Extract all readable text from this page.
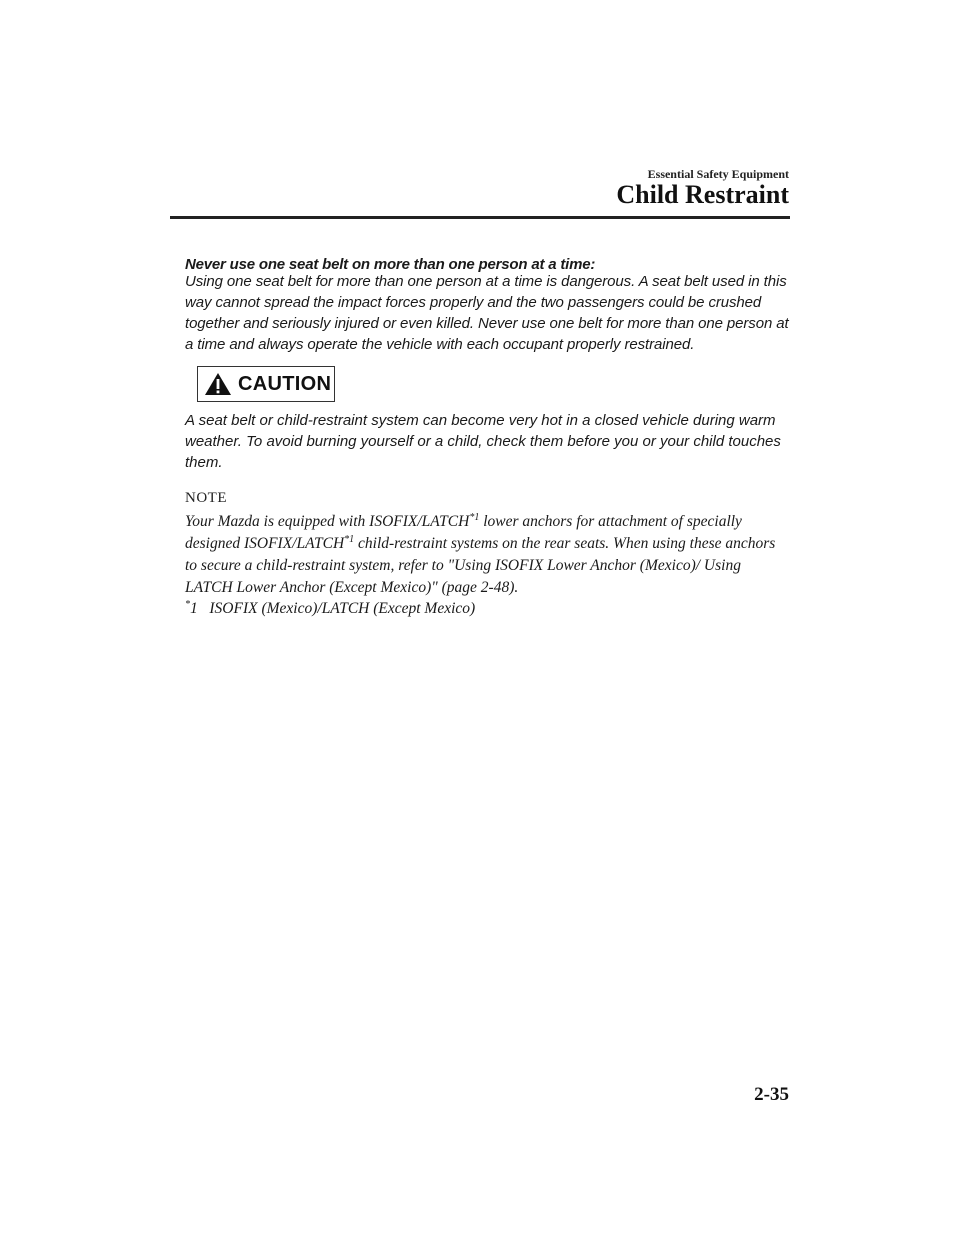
Essential Safety Equipment
Child Restraint

Never use one seat belt on more than one person at a time:

Using one seat belt for more than one person at a time is dangerous. A seat belt used in this way cannot spread the impact forces properly and the two passengers could be crushed together and seriously injured or even killed. Never use one belt for more than one person at a time and always operate the vehicle with each occupant properly restrained.

CAUTION

A seat belt or child-restraint system can become very hot in a closed vehicle during warm weather. To avoid burning yourself or a child, check them before you or your child touches them.

NOTE

Your Mazda is equipped with ISOFIX/LATCH$^{*1}$ lower anchors for attachment of specially designed ISOFIX/LATCH$^{*1}$ child-restraint systems on the rear seats. When using these anchors to secure a child-restraint system, refer to "Using ISOFIX Lower Anchor (Mexico)/ Using LATCH Lower Anchor (Except Mexico)" (page 2-48).

*1   ISOFIX (Mexico)/LATCH (Except Mexico)
2-35
